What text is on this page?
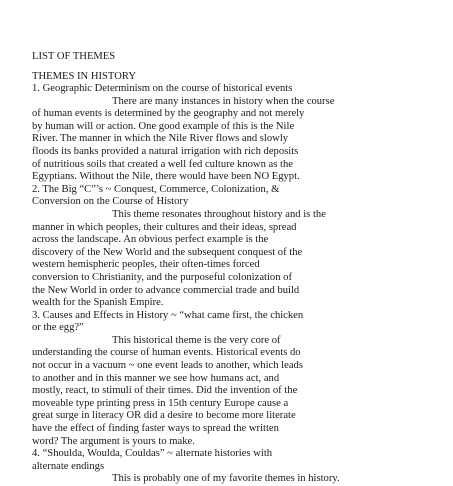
LIST OF THEMES
THEMES IN HISTORY
1. Geographic Determinism on the course of historical events
There are many instances in history when the course
of human events is determined by the geography and not merely
by human will or action. One good example of this is the Nile
River. The manner in which the Nile River flows and slowly
floods its banks provided a natural irrigation with rich deposits
of nutritious soils that created a well fed culture known as the
Egyptians. Without the Nile, there would have been NO Egypt.
2. The Big “C”’s ~ Conquest, Commerce, Colonization, &
Conversion on the Course of History
This theme resonates throughout history and is the
manner in which peoples, their cultures and their ideas, spread
across the landscape. An obvious perfect example is the
discovery of the New World and the subsequent conquest of the
western hemispheric peoples, their often-times forced
conversion to Christianity, and the purposeful colonization of
the New World in order to advance commercial trade and build
wealth for the Spanish Empire.
3. Causes and Effects in History ~ “what came first, the chicken
or the egg?”
This historical theme is the very core of
understanding the course of human events. Historical events do
not occur in a vacuum ~ one event leads to another, which leads
to another and in this manner we see how humans act, and
mostly, react, to stimuli of their times. Did the invention of the
moveable type printing press in 15th century Europe cause a
great surge in literacy OR did a desire to become more literate
have the effect of finding faster ways to spread the written
word? The argument is yours to make.
4. “Shoulda, Woulda, Couldas” ~ alternate histories with
alternate endings
This is probably one of my favorite themes in history.
